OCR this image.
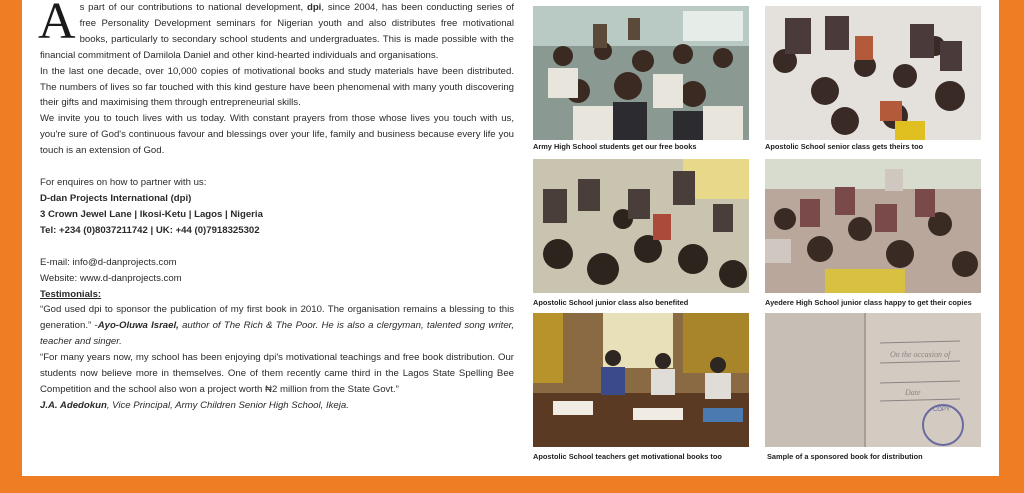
As part of our contributions to national development, dpi, since 2004, has been conducting series of free Personality Development seminars for Nigerian youth and also distributes free motivational books, particularly to secondary school students and undergraduates. This is made possible with the financial commitment of Damilola Daniel and other kind-hearted individuals and organisations.

In the last one decade, over 10,000 copies of motivational books and study materials have been distributed. The numbers of lives so far touched with this kind gesture have been phenomenal with many youth discovering their gifts and maximising them through entrepreneurial skills.

We invite you to touch lives with us today. With constant prayers from those whose lives you touch with us, you're sure of God's continuous favour and blessings over your life, family and business because every life you touch is an extension of God.

For enquires on how to partner with us:

D-dan Projects International (dpi)

3 Crown Jewel Lane | Ikosi-Ketu | Lagos | Nigeria

Tel: +234 (0)8037211742 | UK: +44 (0)7918325302

E-mail: info@d-danprojects.com

Website: www.d-danprojects.com

Testimonials:

“God used dpi to sponsor the publication of my first book in 2010. The organisation remains a blessing to this generation.” -Ayo-Oluwa Israel, author of The Rich & The Poor. He is also a clergyman, talented song writer, teacher and singer.

“For many years now, my school has been enjoying dpi's motivational teachings and free book distribution. Our students now believe more in themselves. One of them recently came third in the Lagos State Spelling Bee Competition and the school also won a project worth ₦2 million from the State Govt.”

J.A. Adedokun, Vice Principal, Army Children Senior High School, Ikeja.

Army High School students get our free books	Apostolic School senior class gets theirs too
Apostolic School junior class also benefited	Ayedere High School junior class happy to get their copies
Apostolic School teachers get motivational books too
On the occasion of
Date
COPY
Sample of a sponsored book for distribution
